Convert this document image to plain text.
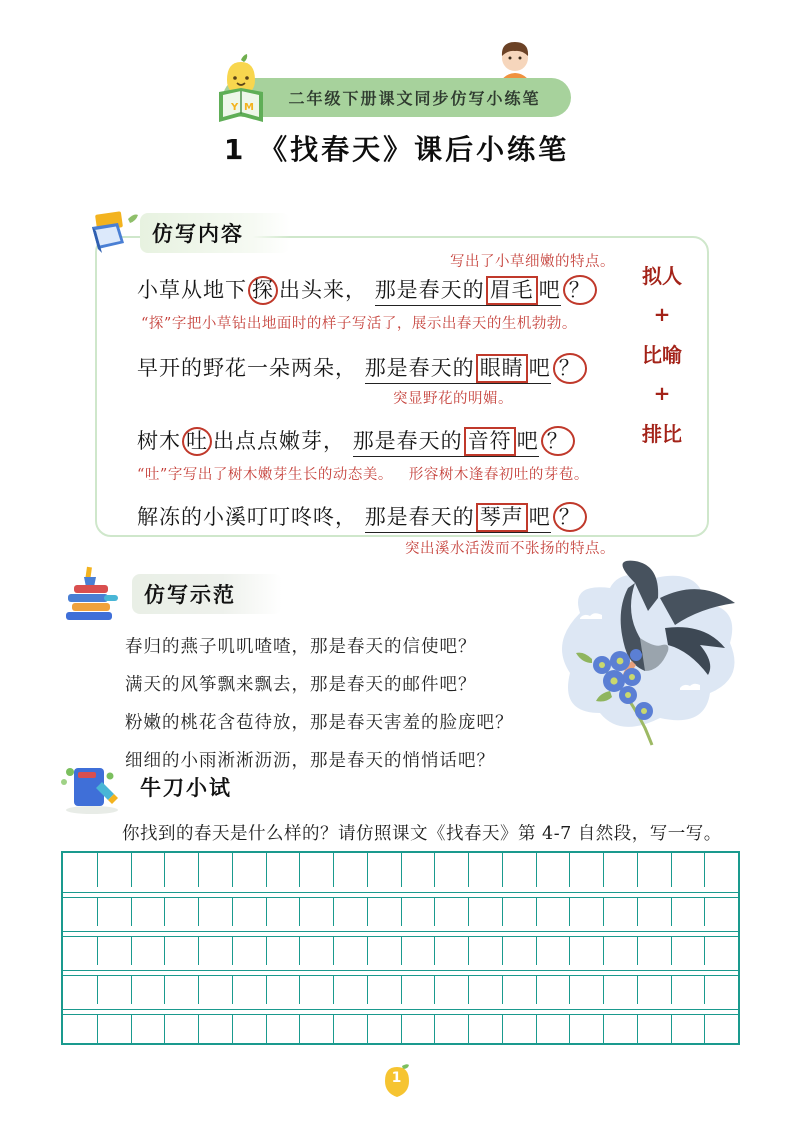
二年级下册课文同步仿写小练笔
Y M
1 《找春天》课后小练笔
仿写内容
拟人
+
比喻
+
排比
写出了小草细嫩的特点。
小草从地下 探 出头来， 那是春天的 眉毛 吧 ？
“探”字把小草钻出地面时的样子写活了，展示出春天的生机勃勃。
早开的野花一朵两朵， 那是春天的 眼睛 吧 ？
突显野花的明媚。
树木 吐 出点点嫩芽， 那是春天的 音符 吧 ？
“吐”字写出了树木嫩芽生长的动态美。 形容树木逢春初吐的芽苞。
解冻的小溪叮叮咚咚， 那是春天的 琴声 吧 ？
突出溪水活泼而不张扬的特点。
仿写示范
春归的燕子叽叽喳喳，那是春天的信使吧？
满天的风筝飘来飘去，那是春天的邮件吧？
粉嫩的桃花含苞待放，那是春天害羞的脸庞吧？
细细的小雨淅淅沥沥，那是春天的悄悄话吧？
牛刀小试
你找到的春天是什么样的？请仿照课文《找春天》第 4-7 自然段，写一写。
1
